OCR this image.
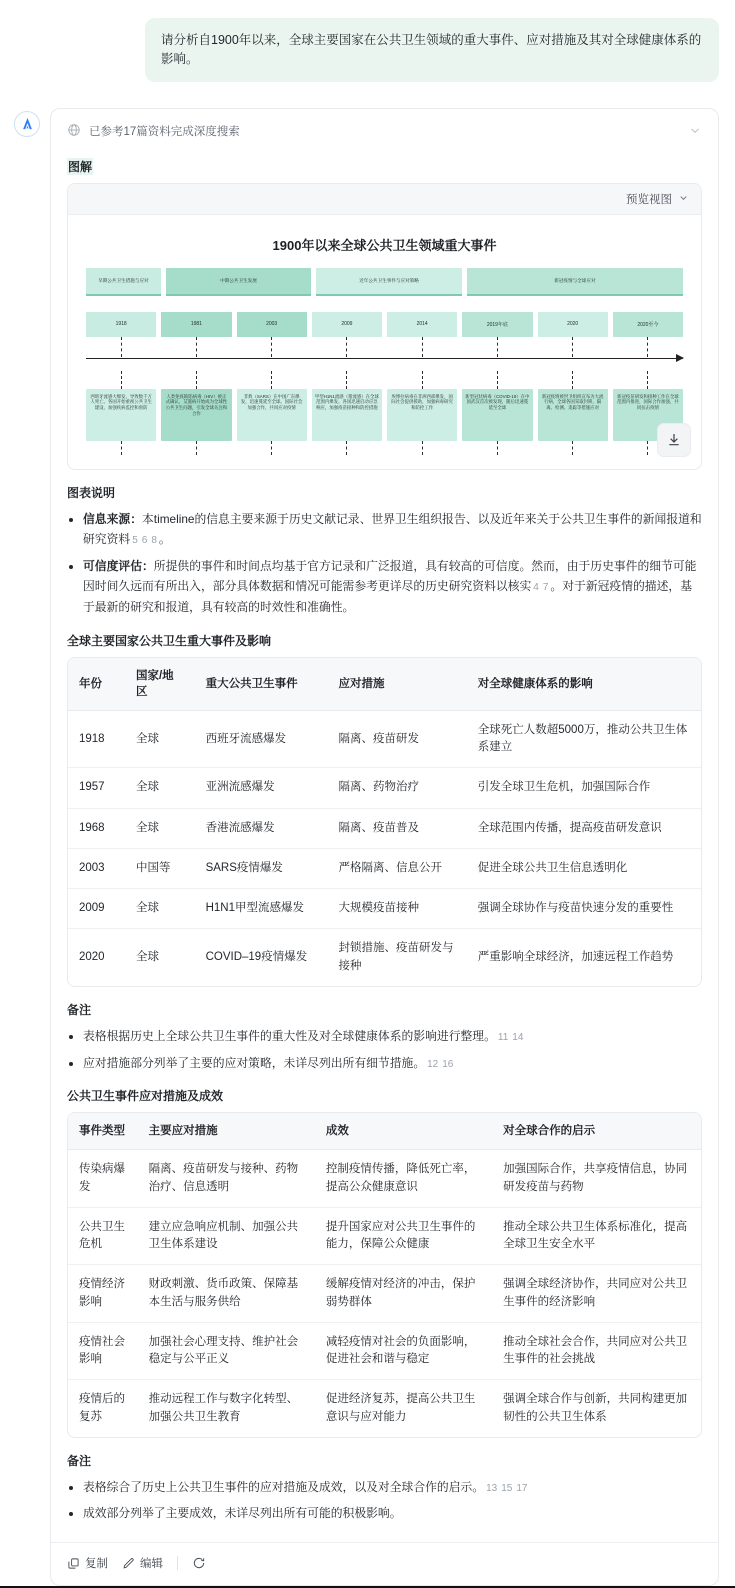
请分析自1900年以来，全球主要国家在公共卫生领域的重大事件、应对措施及其对全球健康体系的影响。
已参考17篇资料完成深度搜索
图解
预览视图
1900年以来全球公共卫生领域重大事件
早期公共卫生措施与应对	中期公共卫生发展	近年公共卫生事件与应对策略	新冠疫情与全球应对
1918	1981	2003	2009	2014	2019年底	2020	2020至今
西班牙流感大爆发，导致数千万人死亡。各国开始重视公共卫生建设，加强疾病监控和预防
人类免疫缺陷病毒（HIV）被正式确认，艾滋病开始成为全球性公共卫生问题，引发全球关注和合作
非典（SARS）在中国广东爆发，迅速蔓延至全球。国际社会加强合作，共同应对疫情
甲型H1N1流感（猪流感）在全球范围内爆发。各国迅速启动应急响应，加强疫苗接种和防控措施
埃博拉病毒在非洲西部爆发，国际社会提供援助，加强病毒研究和防控工作
新型冠状病毒（COVID-19）在中国武汉首次被发现，随后迅速蔓延至全球
新冠疫情被世卫组织宣布为大流行病，全球各国采取封锁、隔离、检测、追踪等措施应对
新冠疫苗研发和接种工作在全球范围内推进，国际合作加强，共同抗击疫情
图表说明
• 信息来源：本timeline的信息主要来源于历史文献记录、世界卫生组织报告、以及近年来关于公共卫生事件的新闻报道和研究资料 5 6 8 。
• 可信度评估：所提供的事件和时间点均基于官方记录和广泛报道，具有较高的可信度。然而，由于历史事件的细节可能因时间久远而有所出入，部分具体数据和情况可能需参考更详尽的历史研究资料以核实 4 7 。对于新冠疫情的描述，基于最新的研究和报道，具有较高的时效性和准确性。
全球主要国家公共卫生重大事件及影响
年份	国家/地区	重大公共卫生事件	应对措施	对全球健康体系的影响
1918	全球	西班牙流感爆发	隔离、疫苗研发	全球死亡人数超5000万，推动公共卫生体系建立
1957	全球	亚洲流感爆发	隔离、药物治疗	引发全球卫生危机，加强国际合作
1968	全球	香港流感爆发	隔离、疫苗普及	全球范围内传播，提高疫苗研发意识
2003	中国等	SARS疫情爆发	严格隔离、信息公开	促进全球公共卫生信息透明化
2009	全球	H1N1甲型流感爆发	大规模疫苗接种	强调全球协作与疫苗快速分发的重要性
2020	全球	COVID–19疫情爆发	封锁措施、疫苗研发与接种	严重影响全球经济，加速远程工作趋势
备注
• 表格根据历史上全球公共卫生事件的重大性及对全球健康体系的影响进行整理。 11 14
• 应对措施部分列举了主要的应对策略，未详尽列出所有细节措施。 12 16
公共卫生事件应对措施及成效
事件类型	主要应对措施	成效	对全球合作的启示
传染病爆发	隔离、疫苗研发与接种、药物治疗、信息透明	控制疫情传播，降低死亡率，提高公众健康意识	加强国际合作，共享疫情信息，协同研发疫苗与药物
公共卫生危机	建立应急响应机制、加强公共卫生体系建设	提升国家应对公共卫生事件的能力，保障公众健康	推动全球公共卫生体系标准化，提高全球卫生安全水平
疫情经济影响	财政刺激、货币政策、保障基本生活与服务供给	缓解疫情对经济的冲击，保护弱势群体	强调全球经济协作，共同应对公共卫生事件的经济影响
疫情社会影响	加强社会心理支持、维护社会稳定与公平正义	减轻疫情对社会的负面影响，促进社会和谐与稳定	推动全球社会合作，共同应对公共卫生事件的社会挑战
疫情后的复苏	推动远程工作与数字化转型、加强公共卫生教育	促进经济复苏，提高公共卫生意识与应对能力	强调全球合作与创新，共同构建更加韧性的公共卫生体系
备注
• 表格综合了历史上公共卫生事件的应对措施及成效，以及对全球合作的启示。 13 15 17
• 成效部分列举了主要成效，未详尽列出所有可能的积极影响。
复制	编辑
